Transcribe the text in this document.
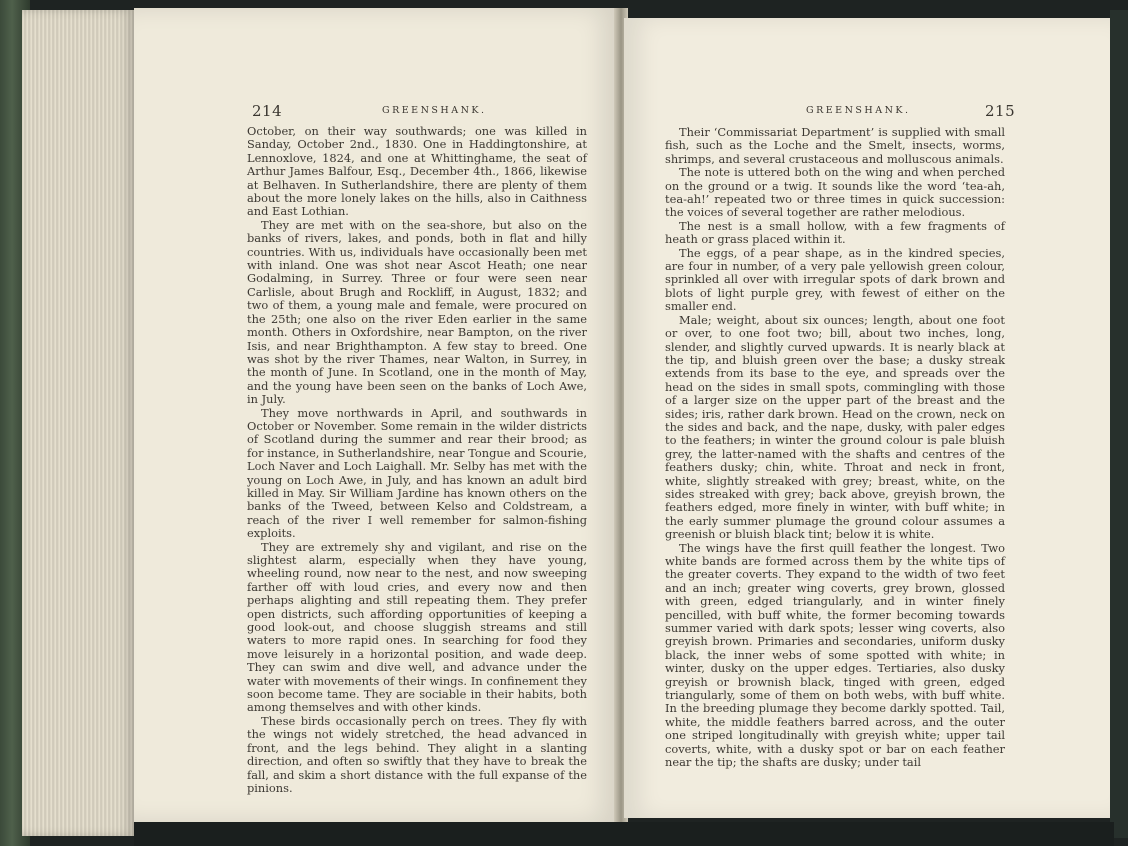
214	GREENSHANK.

October, on their way southwards; one was killed in Sanday, October 2nd., 1830. One in Haddingtonshire, at Lennoxlove, 1824, and one at Whittinghame, the seat of Arthur James Balfour, Esq., December 4th., 1866, likewise at Belhaven. In Sutherlandshire, there are plenty of them about the more lonely lakes on the hills, also in Caithness and East Lothian.

They are met with on the sea-shore, but also on the banks of rivers, lakes, and ponds, both in flat and hilly countries. With us, individuals have occasionally been met with inland. One was shot near Ascot Heath; one near Godalming, in Surrey. Three or four were seen near Carlisle, about Brugh and Rockliff, in August, 1832; and two of them, a young male and female, were procured on the 25th; one also on the river Eden earlier in the same month. Others in Oxfordshire, near Bampton, on the river Isis, and near Brighthampton. A few stay to breed. One was shot by the river Thames, near Walton, in Surrey, in the month of June. In Scotland, one in the month of May, and the young have been seen on the banks of Loch Awe, in July.

They move northwards in April, and southwards in October or November. Some remain in the wilder districts of Scotland during the summer and rear their brood; as for instance, in Sutherlandshire, near Tongue and Scourie, Loch Naver and Loch Laighall. Mr. Selby has met with the young on Loch Awe, in July, and has known an adult bird killed in May. Sir William Jardine has known others on the banks of the Tweed, between Kelso and Coldstream, a reach of the river I well remember for salmon-fishing exploits.

They are extremely shy and vigilant, and rise on the slightest alarm, especially when they have young, wheeling round, now near to the nest, and now sweeping farther off with loud cries, and every now and then perhaps alighting and still repeating them. They prefer open districts, such affording opportunities of keeping a good look-out, and choose sluggish streams and still waters to more rapid ones. In searching for food they move leisurely in a horizontal position, and wade deep. They can swim and dive well, and advance under the water with movements of their wings. In confinement they soon become tame. They are sociable in their habits, both among themselves and with other kinds.

These birds occasionally perch on trees. They fly with the wings not widely stretched, the head advanced in front, and the legs behind. They alight in a slanting direction, and often so swiftly that they have to break the fall, and skim a short distance with the full expanse of the pinions.

GREENSHANK.	215

Their ‘Commissariat Department’ is supplied with small fish, such as the Loche and the Smelt, insects, worms, shrimps, and several crustaceous and molluscous animals.

The note is uttered both on the wing and when perched on the ground or a twig. It sounds like the word ‘tea-ah, tea-ah!’ repeated two or three times in quick succession: the voices of several together are rather melodious.

The nest is a small hollow, with a few fragments of heath or grass placed within it.

The eggs, of a pear shape, as in the kindred species, are four in number, of a very pale yellowish green colour, sprinkled all over with irregular spots of dark brown and blots of light purple grey, with fewest of either on the smaller end.

Male; weight, about six ounces; length, about one foot or over, to one foot two; bill, about two inches, long, slender, and slightly curved upwards. It is nearly black at the tip, and bluish green over the base; a dusky streak extends from its base to the eye, and spreads over the head on the sides in small spots, commingling with those of a larger size on the upper part of the breast and the sides; iris, rather dark brown. Head on the crown, neck on the sides and back, and the nape, dusky, with paler edges to the feathers; in winter the ground colour is pale bluish grey, the latter-named with the shafts and centres of the feathers dusky; chin, white. Throat and neck in front, white, slightly streaked with grey; breast, white, on the sides streaked with grey; back above, greyish brown, the feathers edged, more finely in winter, with buff white; in the early summer plumage the ground colour assumes a greenish or bluish black tint; below it is white.

The wings have the first quill feather the longest. Two white bands are formed across them by the white tips of the greater coverts. They expand to the width of two feet and an inch; greater wing coverts, grey brown, glossed with green, edged triangularly, and in winter finely pencilled, with buff white, the former becoming towards summer varied with dark spots; lesser wing coverts, also greyish brown. Primaries and secondaries, uniform dusky black, the inner webs of some spotted with white; in winter, dusky on the upper edges. Tertiaries, also dusky greyish or brownish black, tinged with green, edged triangularly, some of them on both webs, with buff white. In the breeding plumage they become darkly spotted. Tail, white, the middle feathers barred across, and the outer one striped longitudinally with greyish white; upper tail coverts, white, with a dusky spot or bar on each feather near the tip; the shafts are dusky; under tail
